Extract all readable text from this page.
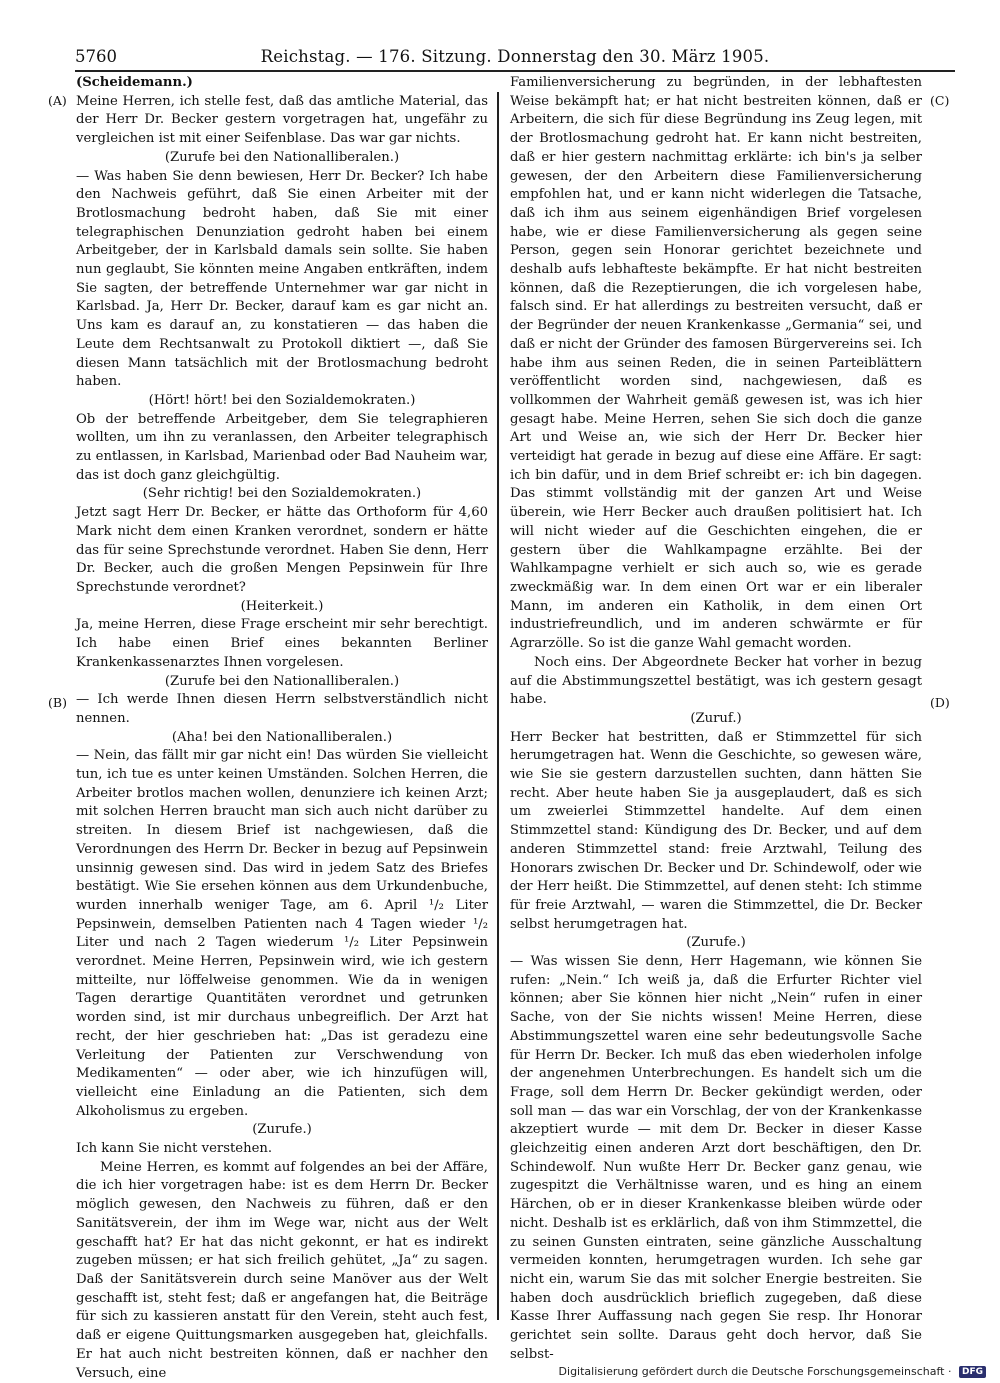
5760	Reichstag. — 176. Sitzung. Donnerstag den 30. März 1905.
(A)
(B)
(C)
(D)

(Scheidemann.)

Meine Herren, ich stelle fest, daß das amtliche Material, das der Herr Dr. Becker gestern vorgetragen hat, ungefähr zu vergleichen ist mit einer Seifenblase. Das war gar nichts.

(Zurufe bei den Nationalliberalen.)

— Was haben Sie denn bewiesen, Herr Dr. Becker? Ich habe den Nachweis geführt, daß Sie einen Arbeiter mit der Brotlosmachung bedroht haben, daß Sie mit einer telegraphischen Denunziation gedroht haben bei einem Arbeitgeber, der in Karlsbald damals sein sollte. Sie haben nun geglaubt, Sie könnten meine Angaben entkräften, indem Sie sagten, der betreffende Unternehmer war gar nicht in Karlsbad. Ja, Herr Dr. Becker, darauf kam es gar nicht an. Uns kam es darauf an, zu konstatieren — das haben die Leute dem Rechtsanwalt zu Protokoll diktiert —, daß Sie diesen Mann tatsächlich mit der Brotlosmachung bedroht haben.

(Hört! hört! bei den Sozialdemokraten.)

Ob der betreffende Arbeitgeber, dem Sie telegraphieren wollten, um ihn zu veranlassen, den Arbeiter telegraphisch zu entlassen, in Karlsbad, Marienbad oder Bad Nauheim war, das ist doch ganz gleichgültig.

(Sehr richtig! bei den Sozialdemokraten.)

Jetzt sagt Herr Dr. Becker, er hätte das Orthoform für 4,60 Mark nicht dem einen Kranken verordnet, sondern er hätte das für seine Sprechstunde verordnet. Haben Sie denn, Herr Dr. Becker, auch die großen Mengen Pepsinwein für Ihre Sprechstunde verordnet?

(Heiterkeit.)

Ja, meine Herren, diese Frage erscheint mir sehr berechtigt. Ich habe einen Brief eines bekannten Berliner Krankenkassenarztes Ihnen vorgelesen.

(Zurufe bei den Nationalliberalen.)

— Ich werde Ihnen diesen Herrn selbstverständlich nicht nennen.

(Aha! bei den Nationalliberalen.)

— Nein, das fällt mir gar nicht ein! Das würden Sie vielleicht tun, ich tue es unter keinen Umständen. Solchen Herren, die Arbeiter brotlos machen wollen, denunziere ich keinen Arzt; mit solchen Herren braucht man sich auch nicht darüber zu streiten. In diesem Brief ist nachgewiesen, daß die Verordnungen des Herrn Dr. Becker in bezug auf Pepsinwein unsinnig gewesen sind. Das wird in jedem Satz des Briefes bestätigt. Wie Sie ersehen können aus dem Urkundenbuche, wurden innerhalb weniger Tage, am 6. April ¹/₂ Liter Pepsinwein, demselben Patienten nach 4 Tagen wieder ¹/₂ Liter und nach 2 Tagen wiederum ¹/₂ Liter Pepsinwein verordnet. Meine Herren, Pepsinwein wird, wie ich gestern mitteilte, nur löffelweise genommen. Wie da in wenigen Tagen derartige Quantitäten verordnet und getrunken worden sind, ist mir durchaus unbegreiflich. Der Arzt hat recht, der hier geschrieben hat: „Das ist geradezu eine Verleitung der Patienten zur Verschwendung von Medikamenten“ — oder aber, wie ich hinzufügen will, vielleicht eine Einladung an die Patienten, sich dem Alkoholismus zu ergeben.

(Zurufe.)

Ich kann Sie nicht verstehen.

Meine Herren, es kommt auf folgendes an bei der Affäre, die ich hier vorgetragen habe: ist es dem Herrn Dr. Becker möglich gewesen, den Nachweis zu führen, daß er den Sanitätsverein, der ihm im Wege war, nicht aus der Welt geschafft hat? Er hat das nicht gekonnt, er hat es indirekt zugeben müssen; er hat sich freilich gehütet, „Ja“ zu sagen. Daß der Sanitätsverein durch seine Manöver aus der Welt geschafft ist, steht fest; daß er angefangen hat, die Beiträge für sich zu kassieren anstatt für den Verein, steht auch fest, daß er eigene Quittungsmarken ausgegeben hat, gleichfalls. Er hat auch nicht bestreiten können, daß er nachher den Versuch, eine

Familienversicherung zu begründen, in der lebhaftesten Weise bekämpft hat; er hat nicht bestreiten können, daß er Arbeitern, die sich für diese Begründung ins Zeug legen, mit der Brotlosmachung gedroht hat. Er kann nicht bestreiten, daß er hier gestern nachmittag erklärte: ich bin's ja selber gewesen, der den Arbeitern diese Familienversicherung empfohlen hat, und er kann nicht widerlegen die Tatsache, daß ich ihm aus seinem eigenhändigen Brief vorgelesen habe, wie er diese Familienversicherung als gegen seine Person, gegen sein Honorar gerichtet bezeichnete und deshalb aufs lebhafteste bekämpfte. Er hat nicht bestreiten können, daß die Rezeptierungen, die ich vorgelesen habe, falsch sind. Er hat allerdings zu bestreiten versucht, daß er der Begründer der neuen Krankenkasse „Germania“ sei, und daß er nicht der Gründer des famosen Bürgervereins sei. Ich habe ihm aus seinen Reden, die in seinen Parteiblättern veröffentlicht worden sind, nachgewiesen, daß es vollkommen der Wahrheit gemäß gewesen ist, was ich hier gesagt habe. Meine Herren, sehen Sie sich doch die ganze Art und Weise an, wie sich der Herr Dr. Becker hier verteidigt hat gerade in bezug auf diese eine Affäre. Er sagt: ich bin dafür, und in dem Brief schreibt er: ich bin dagegen. Das stimmt vollständig mit der ganzen Art und Weise überein, wie Herr Becker auch draußen politisiert hat. Ich will nicht wieder auf die Geschichten eingehen, die er gestern über die Wahlkampagne erzählte. Bei der Wahlkampagne verhielt er sich auch so, wie es gerade zweckmäßig war. In dem einen Ort war er ein liberaler Mann, im anderen ein Katholik, in dem einen Ort industriefreundlich, und im anderen schwärmte er für Agrarzölle. So ist die ganze Wahl gemacht worden.

Noch eins. Der Abgeordnete Becker hat vorher in bezug auf die Abstimmungszettel bestätigt, was ich gestern gesagt habe.

(Zuruf.)

Herr Becker hat bestritten, daß er Stimmzettel für sich herumgetragen hat. Wenn die Geschichte, so gewesen wäre, wie Sie sie gestern darzustellen suchten, dann hätten Sie recht. Aber heute haben Sie ja ausgeplaudert, daß es sich um zweierlei Stimmzettel handelte. Auf dem einen Stimmzettel stand: Kündigung des Dr. Becker, und auf dem anderen Stimmzettel stand: freie Arztwahl, Teilung des Honorars zwischen Dr. Becker und Dr. Schindewolf, oder wie der Herr heißt. Die Stimmzettel, auf denen steht: Ich stimme für freie Arztwahl, — waren die Stimmzettel, die Dr. Becker selbst herumgetragen hat.

(Zurufe.)

— Was wissen Sie denn, Herr Hagemann, wie können Sie rufen: „Nein.“ Ich weiß ja, daß die Erfurter Richter viel können; aber Sie können hier nicht „Nein“ rufen in einer Sache, von der Sie nichts wissen! Meine Herren, diese Abstimmungszettel waren eine sehr bedeutungsvolle Sache für Herrn Dr. Becker. Ich muß das eben wiederholen infolge der angenehmen Unterbrechungen. Es handelt sich um die Frage, soll dem Herrn Dr. Becker gekündigt werden, oder soll man — das war ein Vorschlag, der von der Krankenkasse akzeptiert wurde — mit dem Dr. Becker in dieser Kasse gleichzeitig einen anderen Arzt dort beschäftigen, den Dr. Schindewolf. Nun wußte Herr Dr. Becker ganz genau, wie zugespitzt die Verhältnisse waren, und es hing an einem Härchen, ob er in dieser Krankenkasse bleiben würde oder nicht. Deshalb ist es erklärlich, daß von ihm Stimmzettel, die zu seinen Gunsten eintraten, seine gänzliche Ausschaltung vermeiden konnten, herumgetragen wurden. Ich sehe gar nicht ein, warum Sie das mit solcher Energie bestreiten. Sie haben doch ausdrücklich brieflich zugegeben, daß diese Kasse Ihrer Auffassung nach gegen Sie resp. Ihr Honorar gerichtet sein sollte. Daraus geht doch hervor, daß Sie selbst-

Digitalisierung gefördert durch die Deutsche Forschungsgemeinschaft · DFG
